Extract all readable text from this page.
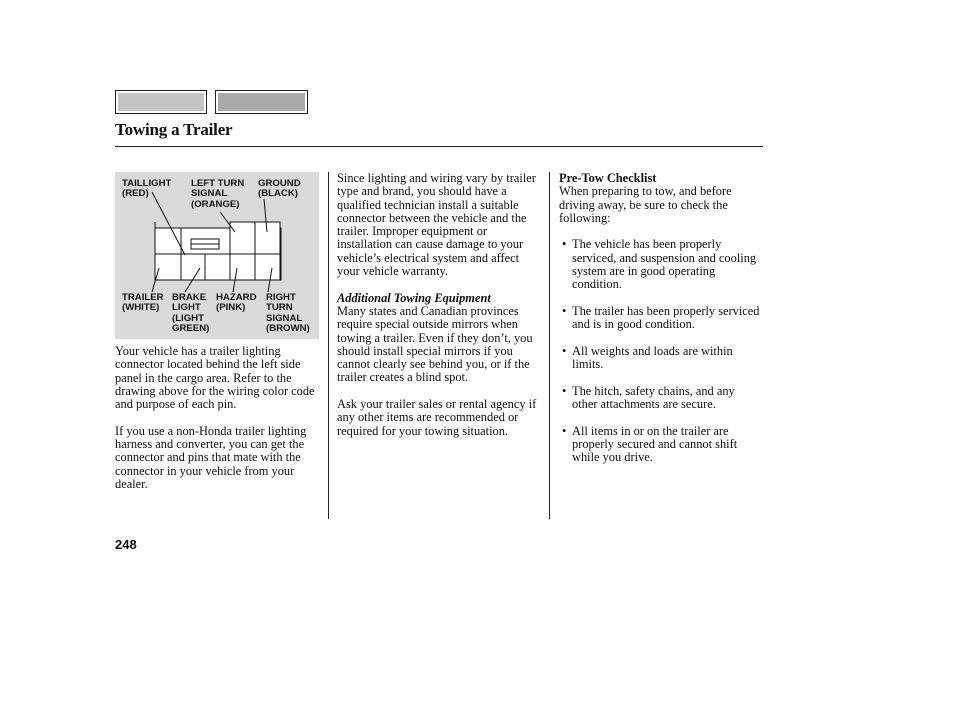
Towing a Trailer
TAILLIGHT
(RED)
LEFT TURN
SIGNAL
(ORANGE)
GROUND
(BLACK)
TRAILER
(WHITE)
BRAKE
LIGHT
(LIGHT
GREEN)
HAZARD
(PINK)
RIGHT
TURN
SIGNAL
(BROWN)

Your vehicle has a trailer lighting connector located behind the left side panel in the cargo area. Refer to the drawing above for the wiring color code and purpose of each pin.

If you use a non-Honda trailer lighting harness and converter, you can get the connector and pins that mate with the connector in your vehicle from your dealer.

Since lighting and wiring vary by trailer type and brand, you should have a qualified technician install a suitable connector between the vehicle and the trailer. Improper equipment or installation can cause damage to your vehicle’s electrical system and affect your vehicle warranty.

Additional Towing Equipment

Many states and Canadian provinces require special outside mirrors when towing a trailer. Even if they don’t, you should install special mirrors if you cannot clearly see behind you, or if the trailer creates a blind spot.

Ask your trailer sales or rental agency if any other items are recommended or required for your towing situation.

Pre-Tow Checklist

When preparing to tow, and before driving away, be sure to check the following:

• The vehicle has been properly serviced, and suspension and cooling system are in good operating condition.
• The trailer has been properly serviced and is in good condition.
• All weights and loads are within limits.
• The hitch, safety chains, and any other attachments are secure.
• All items in or on the trailer are properly secured and cannot shift while you drive.
248
